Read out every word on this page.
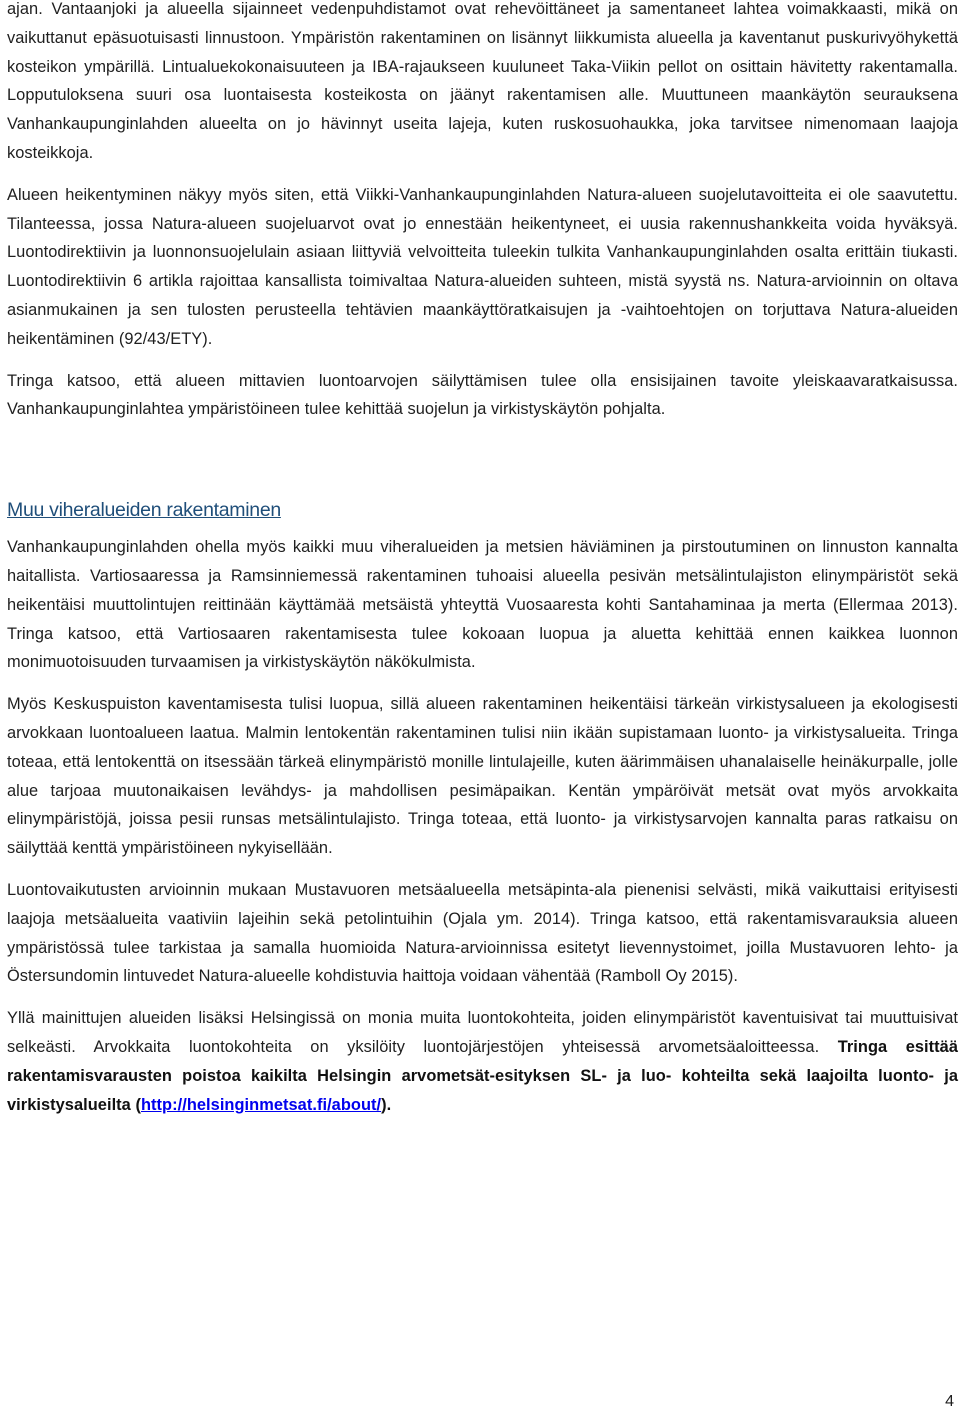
ajan. Vantaanjoki ja alueella sijainneet vedenpuhdistamot ovat rehevöittäneet ja samentaneet lahtea voimakkaasti, mikä on vaikuttanut epäsuotuisasti linnustoon. Ympäristön rakentaminen on lisännyt liikkumista alueella ja kaventanut puskurivyöhykettä kosteikon ympärillä. Lintualuekokonaisuuteen ja IBA-rajaukseen kuuluneet Taka-Viikin pellot on osittain hävitetty rakentamalla. Lopputuloksena suuri osa luontaisesta kosteikosta on jäänyt rakentamisen alle. Muuttuneen maankäytön seurauksena Vanhankaupunginlahden alueelta on jo hävinnyt useita lajeja, kuten ruskosuohaukka, joka tarvitsee nimenomaan laajoja kosteikkoja.

Alueen heikentyminen näkyy myös siten, että Viikki-Vanhankaupunginlahden Natura-alueen suojelutavoitteita ei ole saavutettu. Tilanteessa, jossa Natura-alueen suojeluarvot ovat jo ennestään heikentyneet, ei uusia rakennushankkeita voida hyväksyä. Luontodirektiivin ja luonnonsuojelulain asiaan liittyviä velvoitteita tuleekin tulkita Vanhankaupunginlahden osalta erittäin tiukasti. Luontodirektiivin 6 artikla rajoittaa kansallista toimivaltaa Natura-alueiden suhteen, mistä syystä ns. Natura-arvioinnin on oltava asianmukainen ja sen tulosten perusteella tehtävien maankäyttöratkaisujen ja -vaihtoehtojen on torjuttava Natura-alueiden heikentäminen (92/43/ETY).

Tringa katsoo, että alueen mittavien luontoarvojen säilyttämisen tulee olla ensisijainen tavoite yleiskaavaratkaisussa. Vanhankaupunginlahtea ympäristöineen tulee kehittää suojelun ja virkistyskäytön pohjalta.

Muu viheralueiden rakentaminen

Vanhankaupunginlahden ohella myös kaikki muu viheralueiden ja metsien häviäminen ja pirstoutuminen on linnuston kannalta haitallista. Vartiosaaressa ja Ramsinniemessä rakentaminen tuhoaisi alueella pesivän metsälintulajiston elinympäristöt sekä heikentäisi muuttolintujen reittinään käyttämää metsäistä yhteyttä Vuosaaresta kohti Santahaminaa ja merta (Ellermaa 2013). Tringa katsoo, että Vartiosaaren rakentamisesta tulee kokoaan luopua ja aluetta kehittää ennen kaikkea luonnon monimuotoisuuden turvaamisen ja virkistyskäytön näkökulmista.

Myös Keskuspuiston kaventamisesta tulisi luopua, sillä alueen rakentaminen heikentäisi tärkeän virkistysalueen ja ekologisesti arvokkaan luontoalueen laatua. Malmin lentokentän rakentaminen tulisi niin ikään supistamaan luonto- ja virkistysalueita. Tringa toteaa, että lentokenttä on itsessään tärkeä elinympäristö monille lintulajeille, kuten äärimmäisen uhanalaiselle heinäkurpalle, jolle alue tarjoaa muutonaikaisen levähdys- ja mahdollisen pesimäpaikan. Kentän ympäröivät metsät ovat myös arvokkaita elinympäristöjä, joissa pesii runsas metsälintulajisto. Tringa toteaa, että luonto- ja virkistysarvojen kannalta paras ratkaisu on säilyttää kenttä ympäristöineen nykyisellään.

Luontovaikutusten arvioinnin mukaan Mustavuoren metsäalueella metsäpinta-ala pienenisi selvästi, mikä vaikuttaisi erityisesti laajoja metsäalueita vaativiin lajeihin sekä petolintuihin (Ojala ym. 2014). Tringa katsoo, että rakentamisvarauksia alueen ympäristössä tulee tarkistaa ja samalla huomioida Natura-arvioinnissa esitetyt lievennystoimet, joilla Mustavuoren lehto- ja Östersundomin lintuvedet Natura-alueelle kohdistuvia haittoja voidaan vähentää (Ramboll Oy 2015).

Yllä mainittujen alueiden lisäksi Helsingissä on monia muita luontokohteita, joiden elinympäristöt kaventuisivat tai muuttuisivat selkeästi. Arvokkaita luontokohteita on yksilöity luontojärjestöjen yhteisessä arvometsäaloitteessa. Tringa esittää rakentamisvarausten poistoa kaikilta Helsingin arvometsät-esityksen SL- ja luo- kohteilta sekä laajoilta luonto- ja virkistysalueilta (http://helsinginmetsat.fi/about/).

4
